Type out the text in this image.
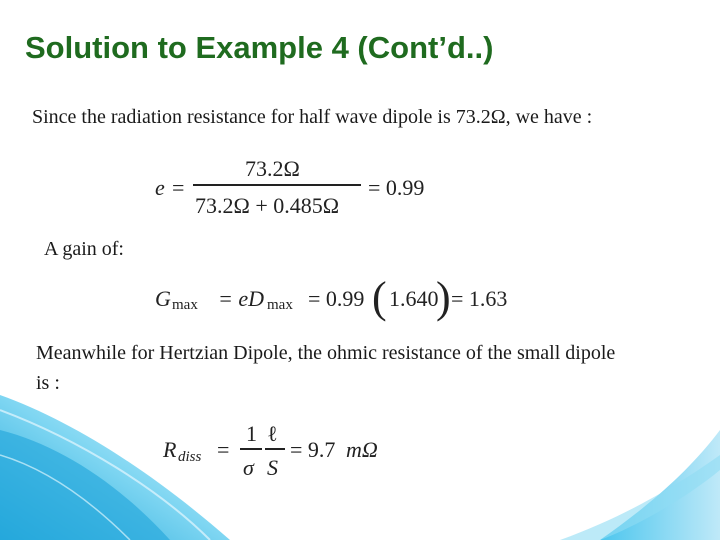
Solution to Example 4 (Cont’d..)
Since the radiation resistance for half wave dipole is 73.2Ω, we have :
e =
73.2Ω
73.2Ω + 0.485Ω
= 0.99
A gain of:
G max = eD max = 0.99 ( 1.640
) = 1.63
Meanwhile for Hertzian Dipole, the ohmic resistance of the small dipole
is :
R diss =
1
σ
ℓ
S
= 9.7 mΩ
